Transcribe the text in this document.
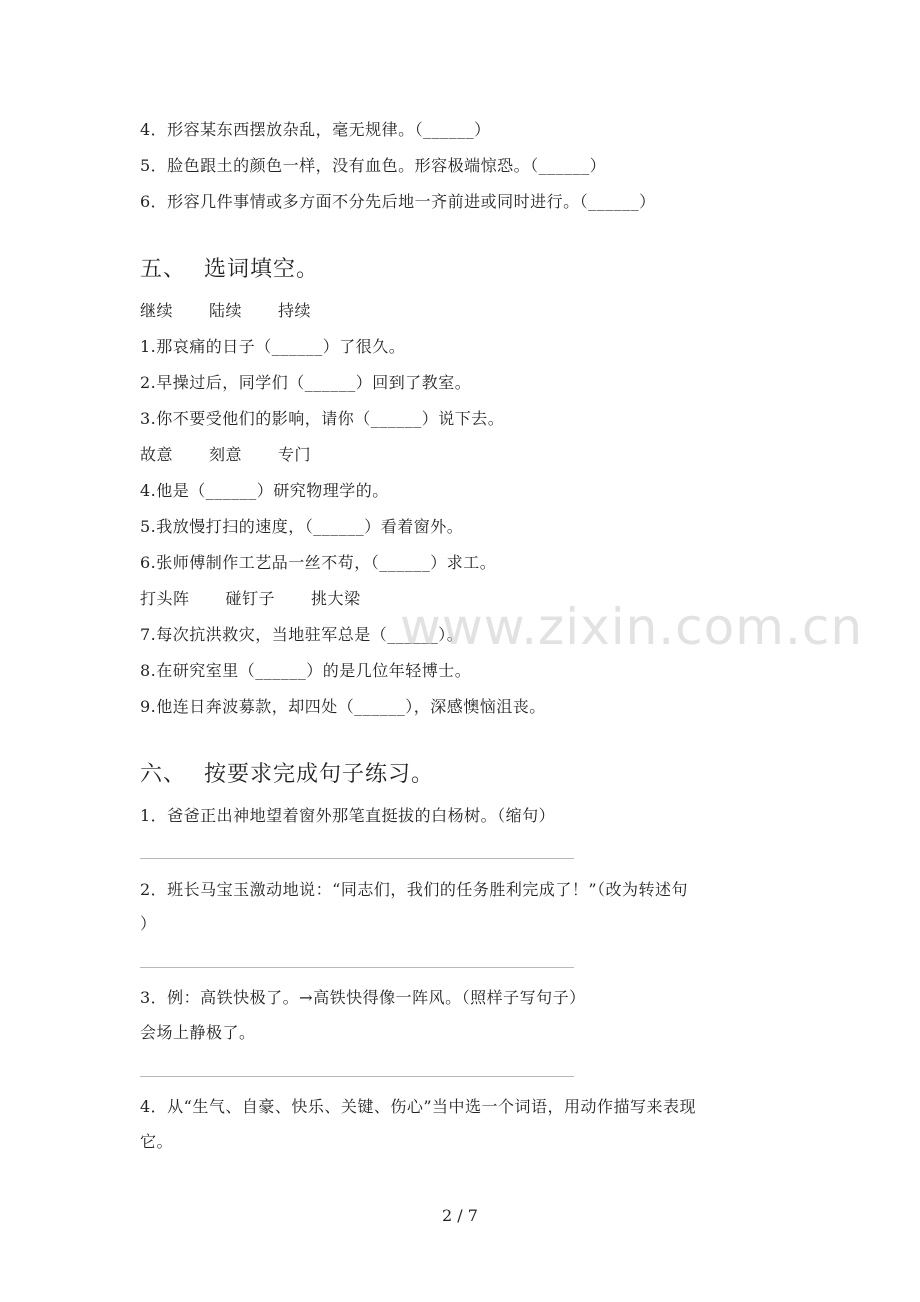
4．形容某东西摆放杂乱，毫无规律。（______）
5．脸色跟土的颜色一样，没有血色。形容极端惊恐。（______）
6．形容几件事情或多方面不分先后地一齐前进或同时进行。（______）
五、 选词填空。
继续 陆续 持续
1.那哀痛的日子（______）了很久。
2.早操过后，同学们（______）回到了教室。
3.你不要受他们的影响，请你（______）说下去。
故意 刻意 专门
4.他是（______）研究物理学的。
5.我放慢打扫的速度，（______）看着窗外。
6.张师傅制作工艺品一丝不苟，（______）求工。
打头阵 碰钉子 挑大梁
7.每次抗洪救灾，当地驻军总是（______）。
8.在研究室里（______）的是几位年轻博士。
9.他连日奔波募款，却四处（______），深感懊恼沮丧。
六、 按要求完成句子练习。
1．爸爸正出神地望着窗外那笔直挺拔的白杨树。（缩句）
2．班长马宝玉激动地说：“同志们，我们的任务胜利完成了！”（改为转述句
）
3．例：高铁快极了。→高铁快得像一阵风。（照样子写句子）
会场上静极了。
4．从“生气、自豪、快乐、关键、伤心”当中选一个词语，用动作描写来表现
它。
www.zixin.com.cn
2 / 7
